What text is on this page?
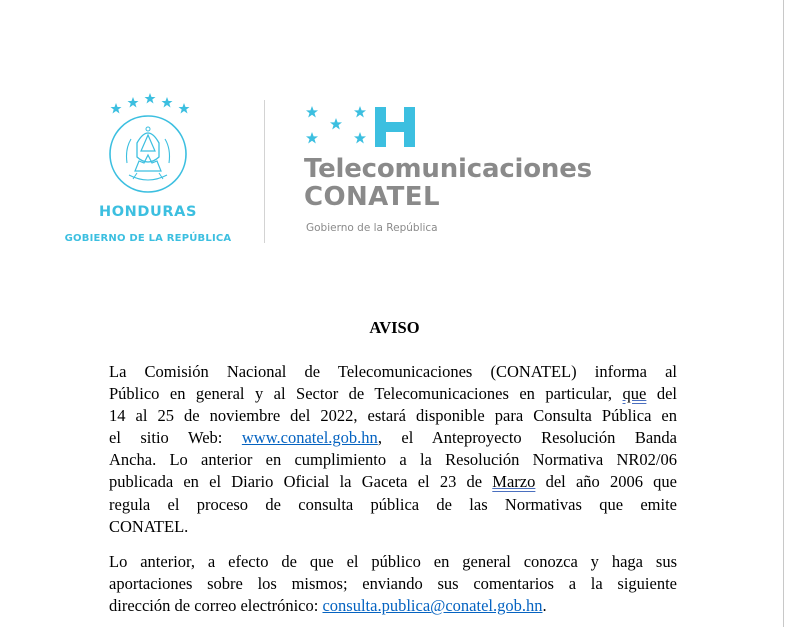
HONDURAS
GOBIERNO DE LA REPÚBLICA
Telecomunicaciones
CONATEL
Gobierno de la República
AVISO
La Comisión Nacional de Telecomunicaciones (CONATEL) informa al
Público en general y al Sector de Telecomunicaciones en particular, que del
14 al 25 de noviembre del 2022, estará disponible para Consulta Pública en
el sitio Web: www.conatel.gob.hn, el Anteproyecto Resolución Banda
Ancha. Lo anterior en cumplimiento a la Resolución Normativa NR02/06
publicada en el Diario Oficial la Gaceta el 23 de Marzo del año 2006 que
regula el proceso de consulta pública de las Normativas que emite
CONATEL.
Lo anterior, a efecto de que el público en general conozca y haga sus
aportaciones sobre los mismos; enviando sus comentarios a la siguiente
dirección de correo electrónico: consulta.publica@conatel.gob.hn.
